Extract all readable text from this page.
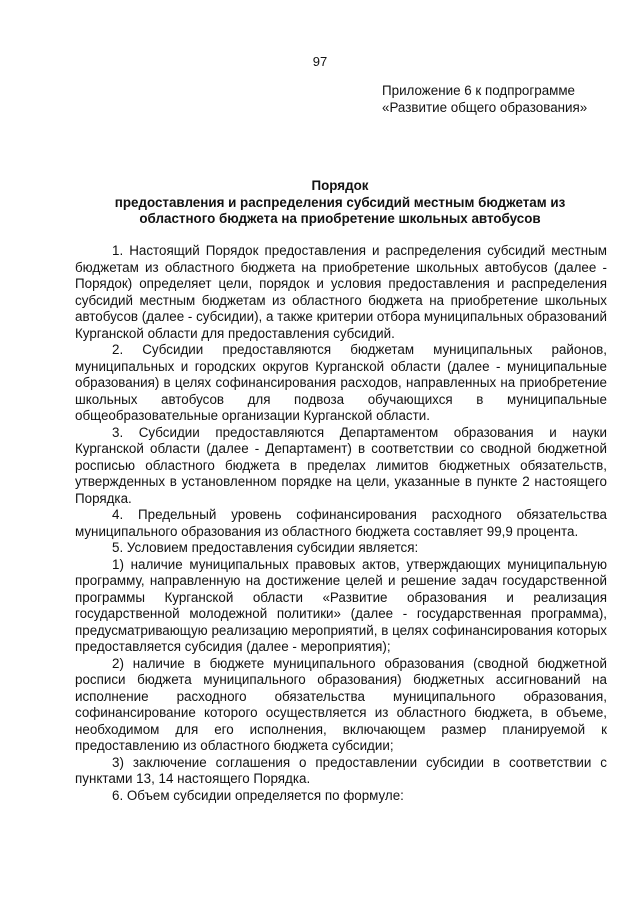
97
Приложение 6 к подпрограмме
«Развитие общего образования»
Порядок
предоставления и распределения субсидий местным бюджетам из
областного бюджета на приобретение школьных автобусов

1. Настоящий Порядок предоставления и распределения субсидий местным бюджетам из областного бюджета на приобретение школьных автобусов (далее - Порядок) определяет цели, порядок и условия предоставления и распределения субсидий местным бюджетам из областного бюджета на приобретение школьных автобусов (далее - субсидии), а также критерии отбора муниципальных образований Курганской области для предоставления субсидий.

2. Субсидии предоставляются бюджетам муниципальных районов, муниципальных и городских округов Курганской области (далее - муниципальные образования) в целях софинансирования расходов, направленных на приобретение школьных автобусов для подвоза обучающихся в муниципальные общеобразовательные организации Курганской области.

3. Субсидии предоставляются Департаментом образования и науки Курганской области (далее - Департамент) в соответствии со сводной бюджетной росписью областного бюджета в пределах лимитов бюджетных обязательств, утвержденных в установленном порядке на цели, указанные в пункте 2 настоящего Порядка.

4. Предельный уровень софинансирования расходного обязательства муниципального образования из областного бюджета составляет 99,9 процента.

5. Условием предоставления субсидии является:

1) наличие муниципальных правовых актов, утверждающих муниципальную программу, направленную на достижение целей и решение задач государственной программы Курганской области «Развитие образования и реализация государственной молодежной политики» (далее - государственная программа), предусматривающую реализацию мероприятий, в целях софинансирования которых предоставляется субсидия (далее - мероприятия);

2) наличие в бюджете муниципального образования (сводной бюджетной росписи бюджета муниципального образования) бюджетных ассигнований на исполнение расходного обязательства муниципального образования, софинансирование которого осуществляется из областного бюджета, в объеме, необходимом для его исполнения, включающем размер планируемой к предоставлению из областного бюджета субсидии;

3) заключение соглашения о предоставлении субсидии в соответствии с пунктами 13, 14 настоящего Порядка.

6. Объем субсидии определяется по формуле:
